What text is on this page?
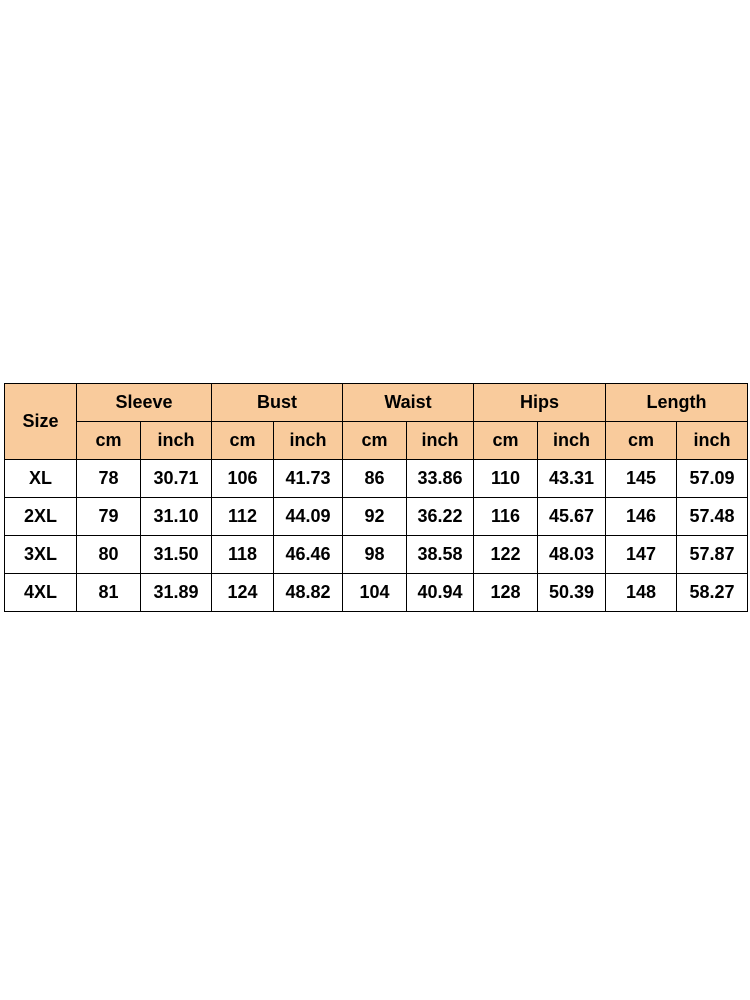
Size	Sleeve		Bust		Waist		Hips		Length	
	cm	inch	cm	inch	cm	inch	cm	inch	cm	inch
XL	78	30.71	106	41.73	86	33.86	110	43.31	145	57.09
2XL	79	31.10	112	44.09	92	36.22	116	45.67	146	57.48
3XL	80	31.50	118	46.46	98	38.58	122	48.03	147	57.87
4XL	81	31.89	124	48.82	104	40.94	128	50.39	148	58.27
